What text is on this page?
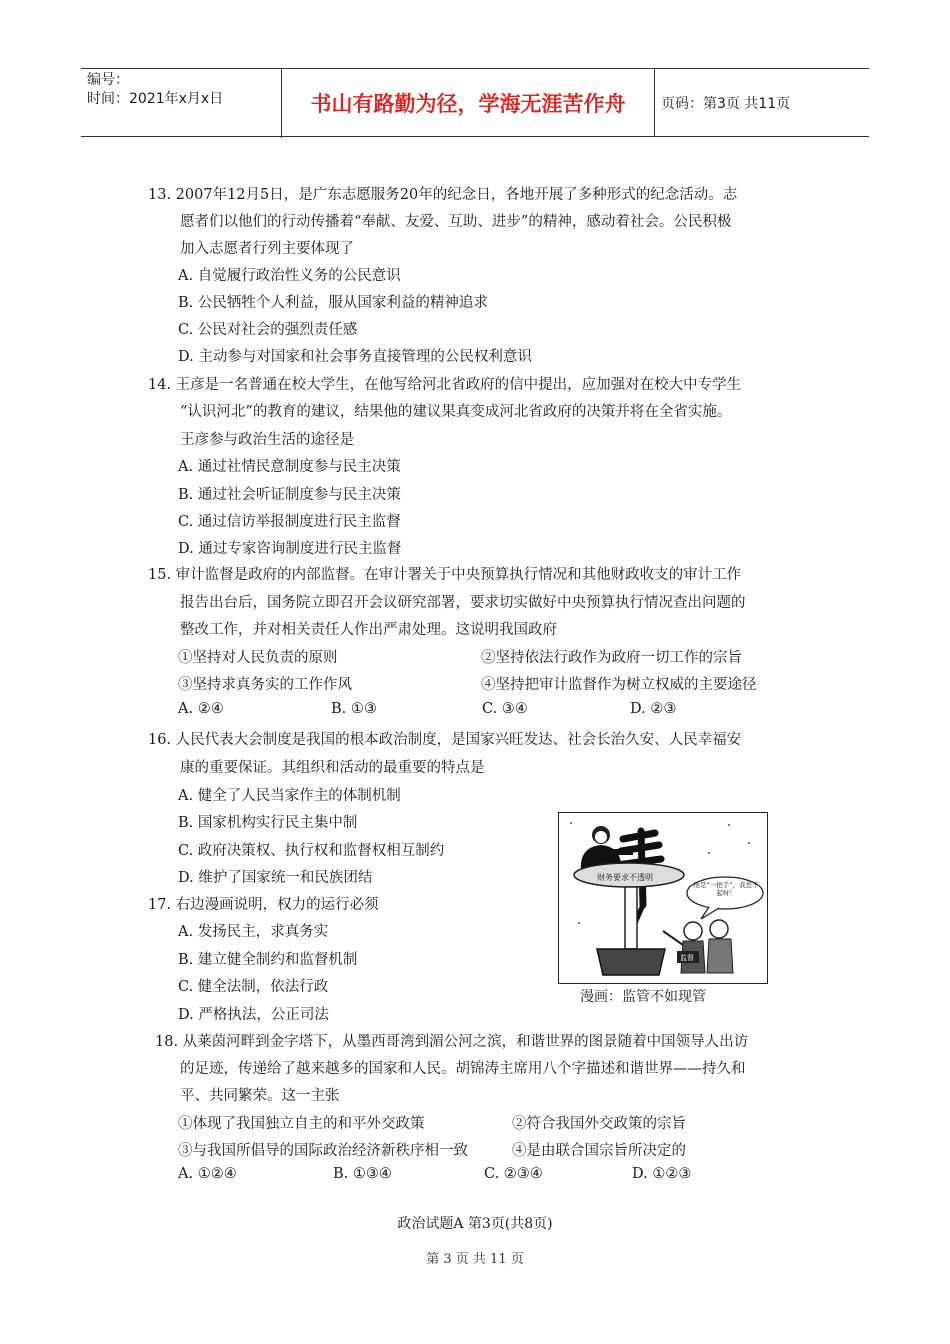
编号：
时间：2021年x月x日	书山有路勤为径，学海无涯苦作舟	页码：第3页 共11页
13. 2007年12月5日，是广东志愿服务20年的纪念日，各地开展了多种形式的纪念活动。志
愿者们以他们的行动传播着“奉献、友爱、互助、进步”的精神，感动着社会。公民积极
加入志愿者行列主要体现了
A. 自觉履行政治性义务的公民意识
B. 公民牺牲个人利益，服从国家利益的精神追求
C. 公民对社会的强烈责任感
D. 主动参与对国家和社会事务直接管理的公民权利意识
14. 王彦是一名普通在校大学生，在他写给河北省政府的信中提出，应加强对在校大中专学生
“认识河北”的教育的建议，结果他的建议果真变成河北省政府的决策并将在全省实施。
王彦参与政治生活的途径是
A. 通过社情民意制度参与民主决策
B. 通过社会听证制度参与民主决策
C. 通过信访举报制度进行民主监督
D. 通过专家咨询制度进行民主监督
15. 审计监督是政府的内部监督。在审计署关于中央预算执行情况和其他财政收支的审计工作
报告出台后，国务院立即召开会议研究部署，要求切实做好中央预算执行情况查出问题的
整改工作，并对相关责任人作出严肃处理。这说明我国政府
①坚持对人民负责的原则	②坚持依法行政作为政府一切工作的宗旨
③坚持求真务实的工作作风	④坚持把审计监督作为树立权威的主要途径
A. ②④	B. ①③	C. ③④	D. ②③
16. 人民代表大会制度是我国的根本政治制度，是国家兴旺发达、社会长治久安、人民幸福安
康的重要保证。其组织和活动的最重要的特点是
A. 健全了人民当家作主的体制机制
B. 国家机构实行民主集中制
C. 政府决策权、执行权和监督权相互制约
D. 维护了国家统一和民族团结
17. 右边漫画说明，权力的运行必须
A. 发扬民主，求真务实
B. 建立健全制约和监督机制
C. 健全法制，依法行政
D. 严格执法，公正司法
财务要求不透明
他是“一把手”，我惹不起呀！
监督
漫画：监管不如现管
18. 从莱茵河畔到金字塔下，从墨西哥湾到湄公河之滨，和谐世界的图景随着中国领导人出访
的足迹，传递给了越来越多的国家和人民。胡锦涛主席用八个字描述和谐世界——持久和
平、共同繁荣。这一主张
①体现了我国独立自主的和平外交政策	②符合我国外交政策的宗旨
③与我国所倡导的国际政治经济新秩序相一致	④是由联合国宗旨所决定的
A. ①②④	B. ①③④	C. ②③④	D. ①②③
政治试题A 第3页(共8页)
第 3 页 共 11 页
